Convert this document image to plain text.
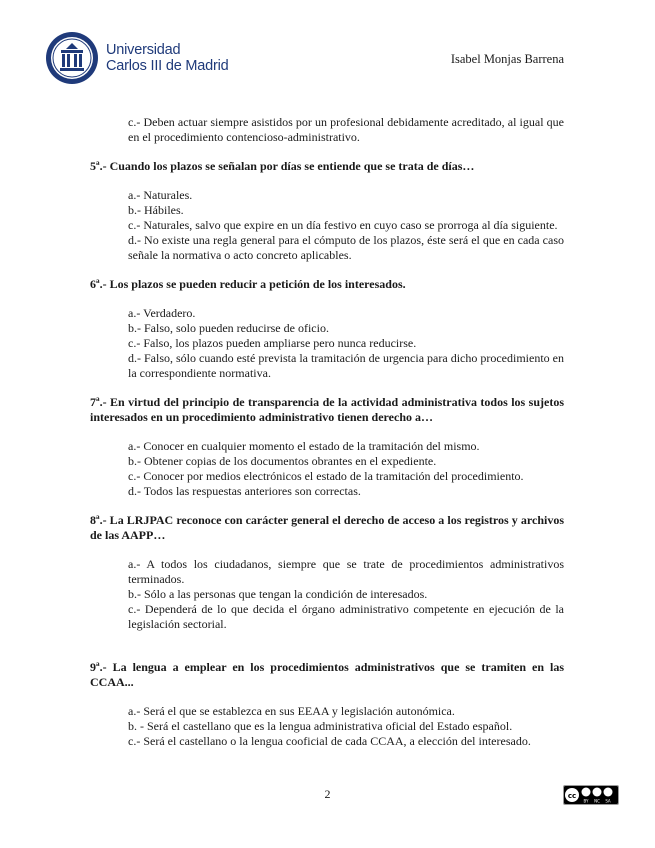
Universidad
Carlos III de Madrid	Isabel Monjas Barrena

c.- Deben actuar siempre asistidos por un profesional debidamente acreditado, al igual que en el procedimiento contencioso-administrativo.

5ª.- Cuando los plazos se señalan por días se entiende que se trata de días…

a.- Naturales.

b.- Hábiles.

c.- Naturales, salvo que expire en un día festivo en cuyo caso se prorroga al día siguiente.

d.- No existe una regla general para el cómputo de los plazos, éste será el que en cada caso señale la normativa o acto concreto aplicables.

6ª.- Los plazos se pueden reducir a petición de los interesados.

a.- Verdadero.

b.- Falso, solo pueden reducirse de oficio.

c.- Falso, los plazos pueden ampliarse pero nunca reducirse.

d.- Falso, sólo cuando esté prevista la tramitación de urgencia para dicho procedimiento en la correspondiente normativa.

7ª.- En virtud del principio de transparencia de la actividad administrativa todos los sujetos interesados en un procedimiento administrativo tienen derecho a…

a.- Conocer en cualquier momento el estado de la tramitación del mismo.

b.- Obtener copias de los documentos obrantes en el expediente.

c.- Conocer por medios electrónicos el estado de la tramitación del procedimiento.

d.- Todos las respuestas anteriores son correctas.

8ª.- La LRJPAC reconoce con carácter general el derecho de acceso a los registros y archivos de las AAPP…

a.- A todos los ciudadanos, siempre que se trate de procedimientos administrativos terminados.

b.- Sólo a las personas que tengan la condición de interesados.

c.- Dependerá de lo que decida el órgano administrativo competente en ejecución de la legislación sectorial.

9ª.- La lengua a emplear en los procedimientos administrativos que se tramiten en las CCAA...

a.- Será el que se establezca en sus EEAA y legislación autonómica.

b. - Será el castellano que es la lengua administrativa oficial del Estado español.

c.- Será el castellano o la lengua cooficial de cada CCAA, a elección del interesado.

2	cc
BY NC SA
